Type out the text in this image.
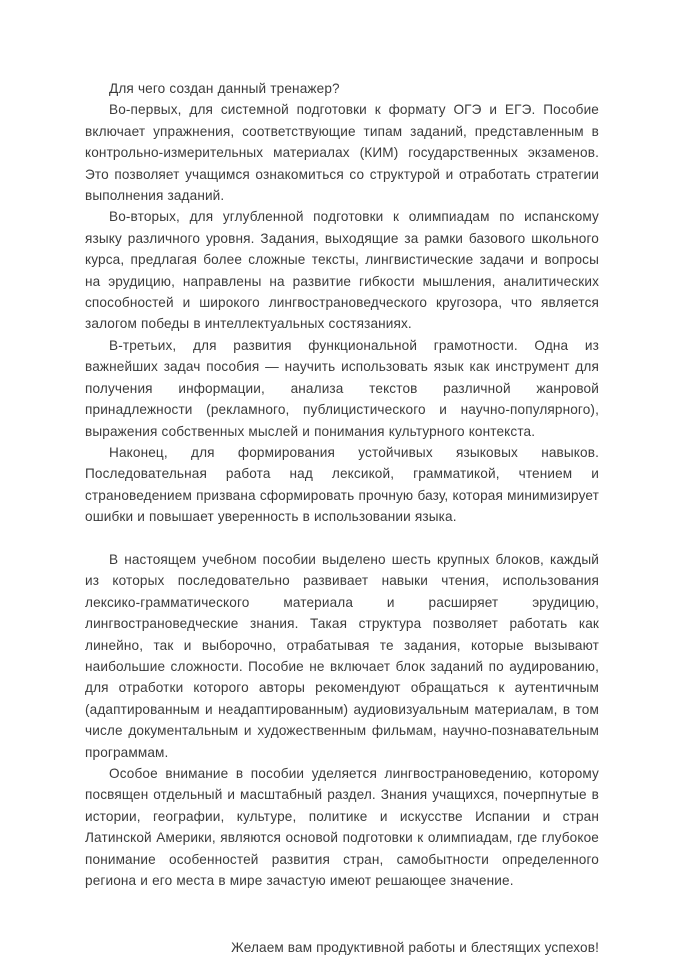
Для чего создан данный тренажер?

Во-первых, для системной подготовки к формату ОГЭ и ЕГЭ. Пособие включает упражнения, соответствующие типам заданий, представленным в контрольно-измерительных материалах (КИМ) государственных экзаменов. Это позволяет учащимся ознакомиться со структурой и отработать стратегии выполнения заданий.

Во-вторых, для углубленной подготовки к олимпиадам по испанскому языку различного уровня. Задания, выходящие за рамки базового школьного курса, предлагая более сложные тексты, лингвистические задачи и вопросы на эрудицию, направлены на развитие гибкости мышления, аналитических способностей и широкого лингвострановедческого кругозора, что является залогом победы в интеллектуальных состязаниях.

В-третьих, для развития функциональной грамотности. Одна из важнейших задач пособия — научить использовать язык как инструмент для получения информации, анализа текстов различной жанровой принадлежности (рекламного, публицистического и научно-популярного), выражения собственных мыслей и понимания культурного контекста.

Наконец, для формирования устойчивых языковых навыков. Последовательная работа над лексикой, грамматикой, чтением и страноведением призвана сформировать прочную базу, которая минимизирует ошибки и повышает уверенность в использовании языка.

В настоящем учебном пособии выделено шесть крупных блоков, каждый из которых последовательно развивает навыки чтения, использования лексико-грамматического материала и расширяет эрудицию, лингвострановедческие знания. Такая структура позволяет работать как линейно, так и выборочно, отрабатывая те задания, которые вызывают наибольшие сложности. Пособие не включает блок заданий по аудированию, для отработки которого авторы рекомендуют обращаться к аутентичным (адаптированным и неадаптированным) аудиовизуальным материалам, в том числе документальным и художественным фильмам, научно-познавательным программам.

Особое внимание в пособии уделяется лингвострановедению, которому посвящен отдельный и масштабный раздел. Знания учащихся, почерпнутые в истории, географии, культуре, политике и искусстве Испании и стран Латинской Америки, являются основой подготовки к олимпиадам, где глубокое понимание особенностей развития стран, самобытности определенного региона и его места в мире зачастую имеют решающее значение.

Желаем вам продуктивной работы и блестящих успехов!
